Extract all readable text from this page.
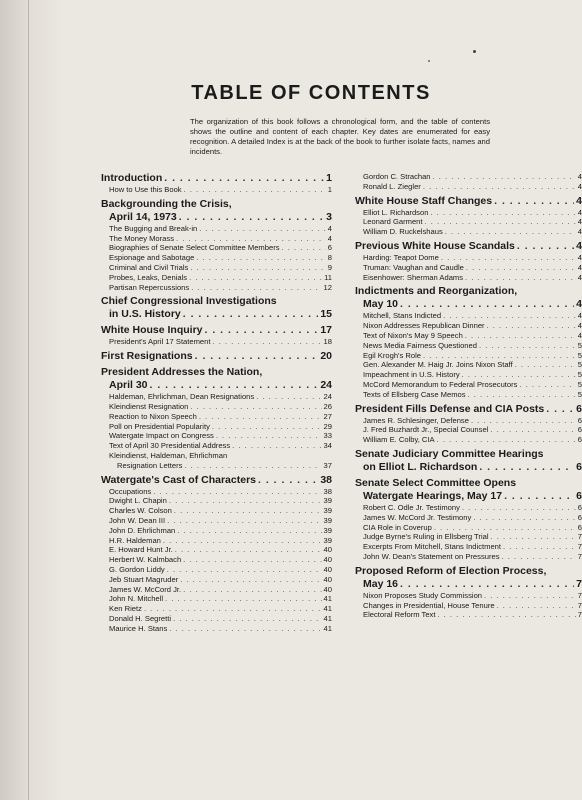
TABLE OF CONTENTS
The organization of this book follows a chronological form, and the table of contents shows the outline and content of each chapter. Key dates are enumerated for easy recognition. A detailed Index is at the back of the book to further isolate facts, names and incidents.
Introduction . . .	1
How to Use this Book . . .	1
Backgrounding the Crisis,
April 14, 1973 . . .	3
The Bugging and Break-in . . .	4
The Money Morass . . .	4
Biographies of Senate Select Committee Members . . .	6
Espionage and Sabotage . . .	8
Criminal and Civil Trials . . .	9
Probes, Leaks, Denials . . .	11
Partisan Repercussions . . .	12
Chief Congressional Investigations
in U.S. History . . .	15
White House Inquiry . . .	17
President's April 17 Statement . . .	18
First Resignations . . .	20
President Addresses the Nation,
April 30 . . .	24
Haldeman, Ehrlichman, Dean Resignations . . .	24
Kleindienst Resignation . . .	26
Reaction to Nixon Speech . . .	27
Poll on Presidential Popularity . . .	29
Watergate Impact on Congress . . .	33
Text of April 30 Presidential Address . . .	34
Kleindienst, Haldeman, Ehrlichman
Resignation Letters . . .	37
Watergate's Cast of Characters . . .	38
Occupations . . .	38
Dwight L. Chapin . . .	39
Charles W. Colson . . .	39
John W. Dean III . . .	39
John D. Ehrlichman . . .	39
H.R. Haldeman . . .	39
E. Howard Hunt Jr. . . .	40
Herbert W. Kalmbach . . .	40
G. Gordon Liddy . . .	40
Jeb Stuart Magruder . . .	40
James W. McCord Jr. . . .	40
John N. Mitchell . . .	41
Ken Rietz . . .	41
Donald H. Segretti . . .	41
Maurice H. Stans . . .	41
Gordon C. Strachan . . .	4
Ronald L. Ziegler . . .	4
White House Staff Changes . . .	4
Elliot L. Richardson . . .	4
Leonard Garment . . .	4
William D. Ruckelshaus . . .	4
Previous White House Scandals . . .	4
Harding: Teapot Dome . . .	4
Truman: Vaughan and Caudle . . .	4
Eisenhower: Sherman Adams . . .	4
Indictments and Reorganization,
May 10 . . .	4
Mitchell, Stans Indicted . . .	4
Nixon Addresses Republican Dinner . . .	4
Text of Nixon's May 9 Speech . . .	4
News Media Fairness Questioned . . .	5
Egil Krogh's Role . . .	5
Gen. Alexander M. Haig Jr. Joins Nixon Staff . . .	5
Impeachment in U.S. History . . .	5
McCord Memorandum to Federal Prosecutors . . .	5
Texts of Ellsberg Case Memos . . .	5
President Fills Defense and CIA Posts . . .	6
James R. Schlesinger, Defense . . .	6
J. Fred Buzhardt Jr., Special Counsel . . .	6
William E. Colby, CIA . . .	6
Senate Judiciary Committee Hearings
on Elliot L. Richardson . . .	6
Senate Select Committee Opens
Watergate Hearings, May 17 . . .	6
Robert C. Odle Jr. Testimony . . .	6
James W. McCord Jr. Testimony . . .	6
CIA Role in Coverup . . .	6
Judge Byrne's Ruling in Ellsberg Trial . . .	7
Excerpts From Mitchell, Stans Indictment . . .	7
John W. Dean's Statement on Pressures . . .	7
Proposed Reform of Election Process,
May 16 . . .	7
Nixon Proposes Study Commission . . .	7
Changes in Presidential, House Tenure . . .	7
Electoral Reform Text . . .	7
